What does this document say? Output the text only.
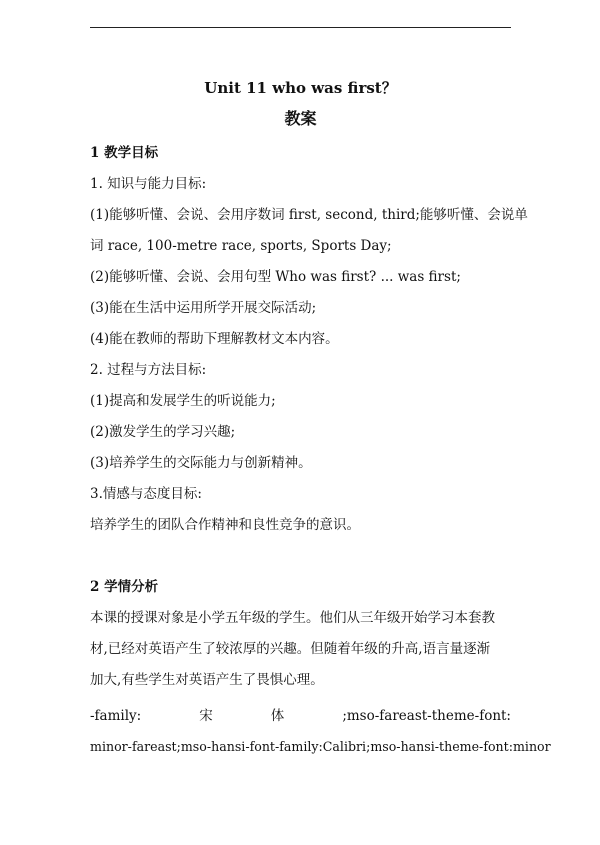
Unit 11 who was first？
教案
1 教学目标
1. 知识与能力目标:
(1)能够听懂、会说、会用序数词 first, second, third;能够听懂、会说单
词 race, 100-metre race, sports, Sports Day;
(2)能够听懂、会说、会用句型 Who was first? ... was first;
(3)能在生活中运用所学开展交际活动;
(4)能在教师的帮助下理解教材文本内容。
2. 过程与方法目标:
(1)提高和发展学生的听说能力;
(2)激发学生的学习兴趣;
(3)培养学生的交际能力与创新精神。
3.情感与态度目标:
培养学生的团队合作精神和良性竞争的意识。
2 学情分析
本课的授课对象是小学五年级的学生。他们从三年级开始学习本套教
材,已经对英语产生了较浓厚的兴趣。但随着年级的升高,语言量逐渐
加大,有些学生对英语产生了畏惧心理。
-family:	宋	体	;mso-fareast-theme-font:
minor-fareast;mso-hansi-font-family:Calibri;mso-hansi-theme-font:minor
